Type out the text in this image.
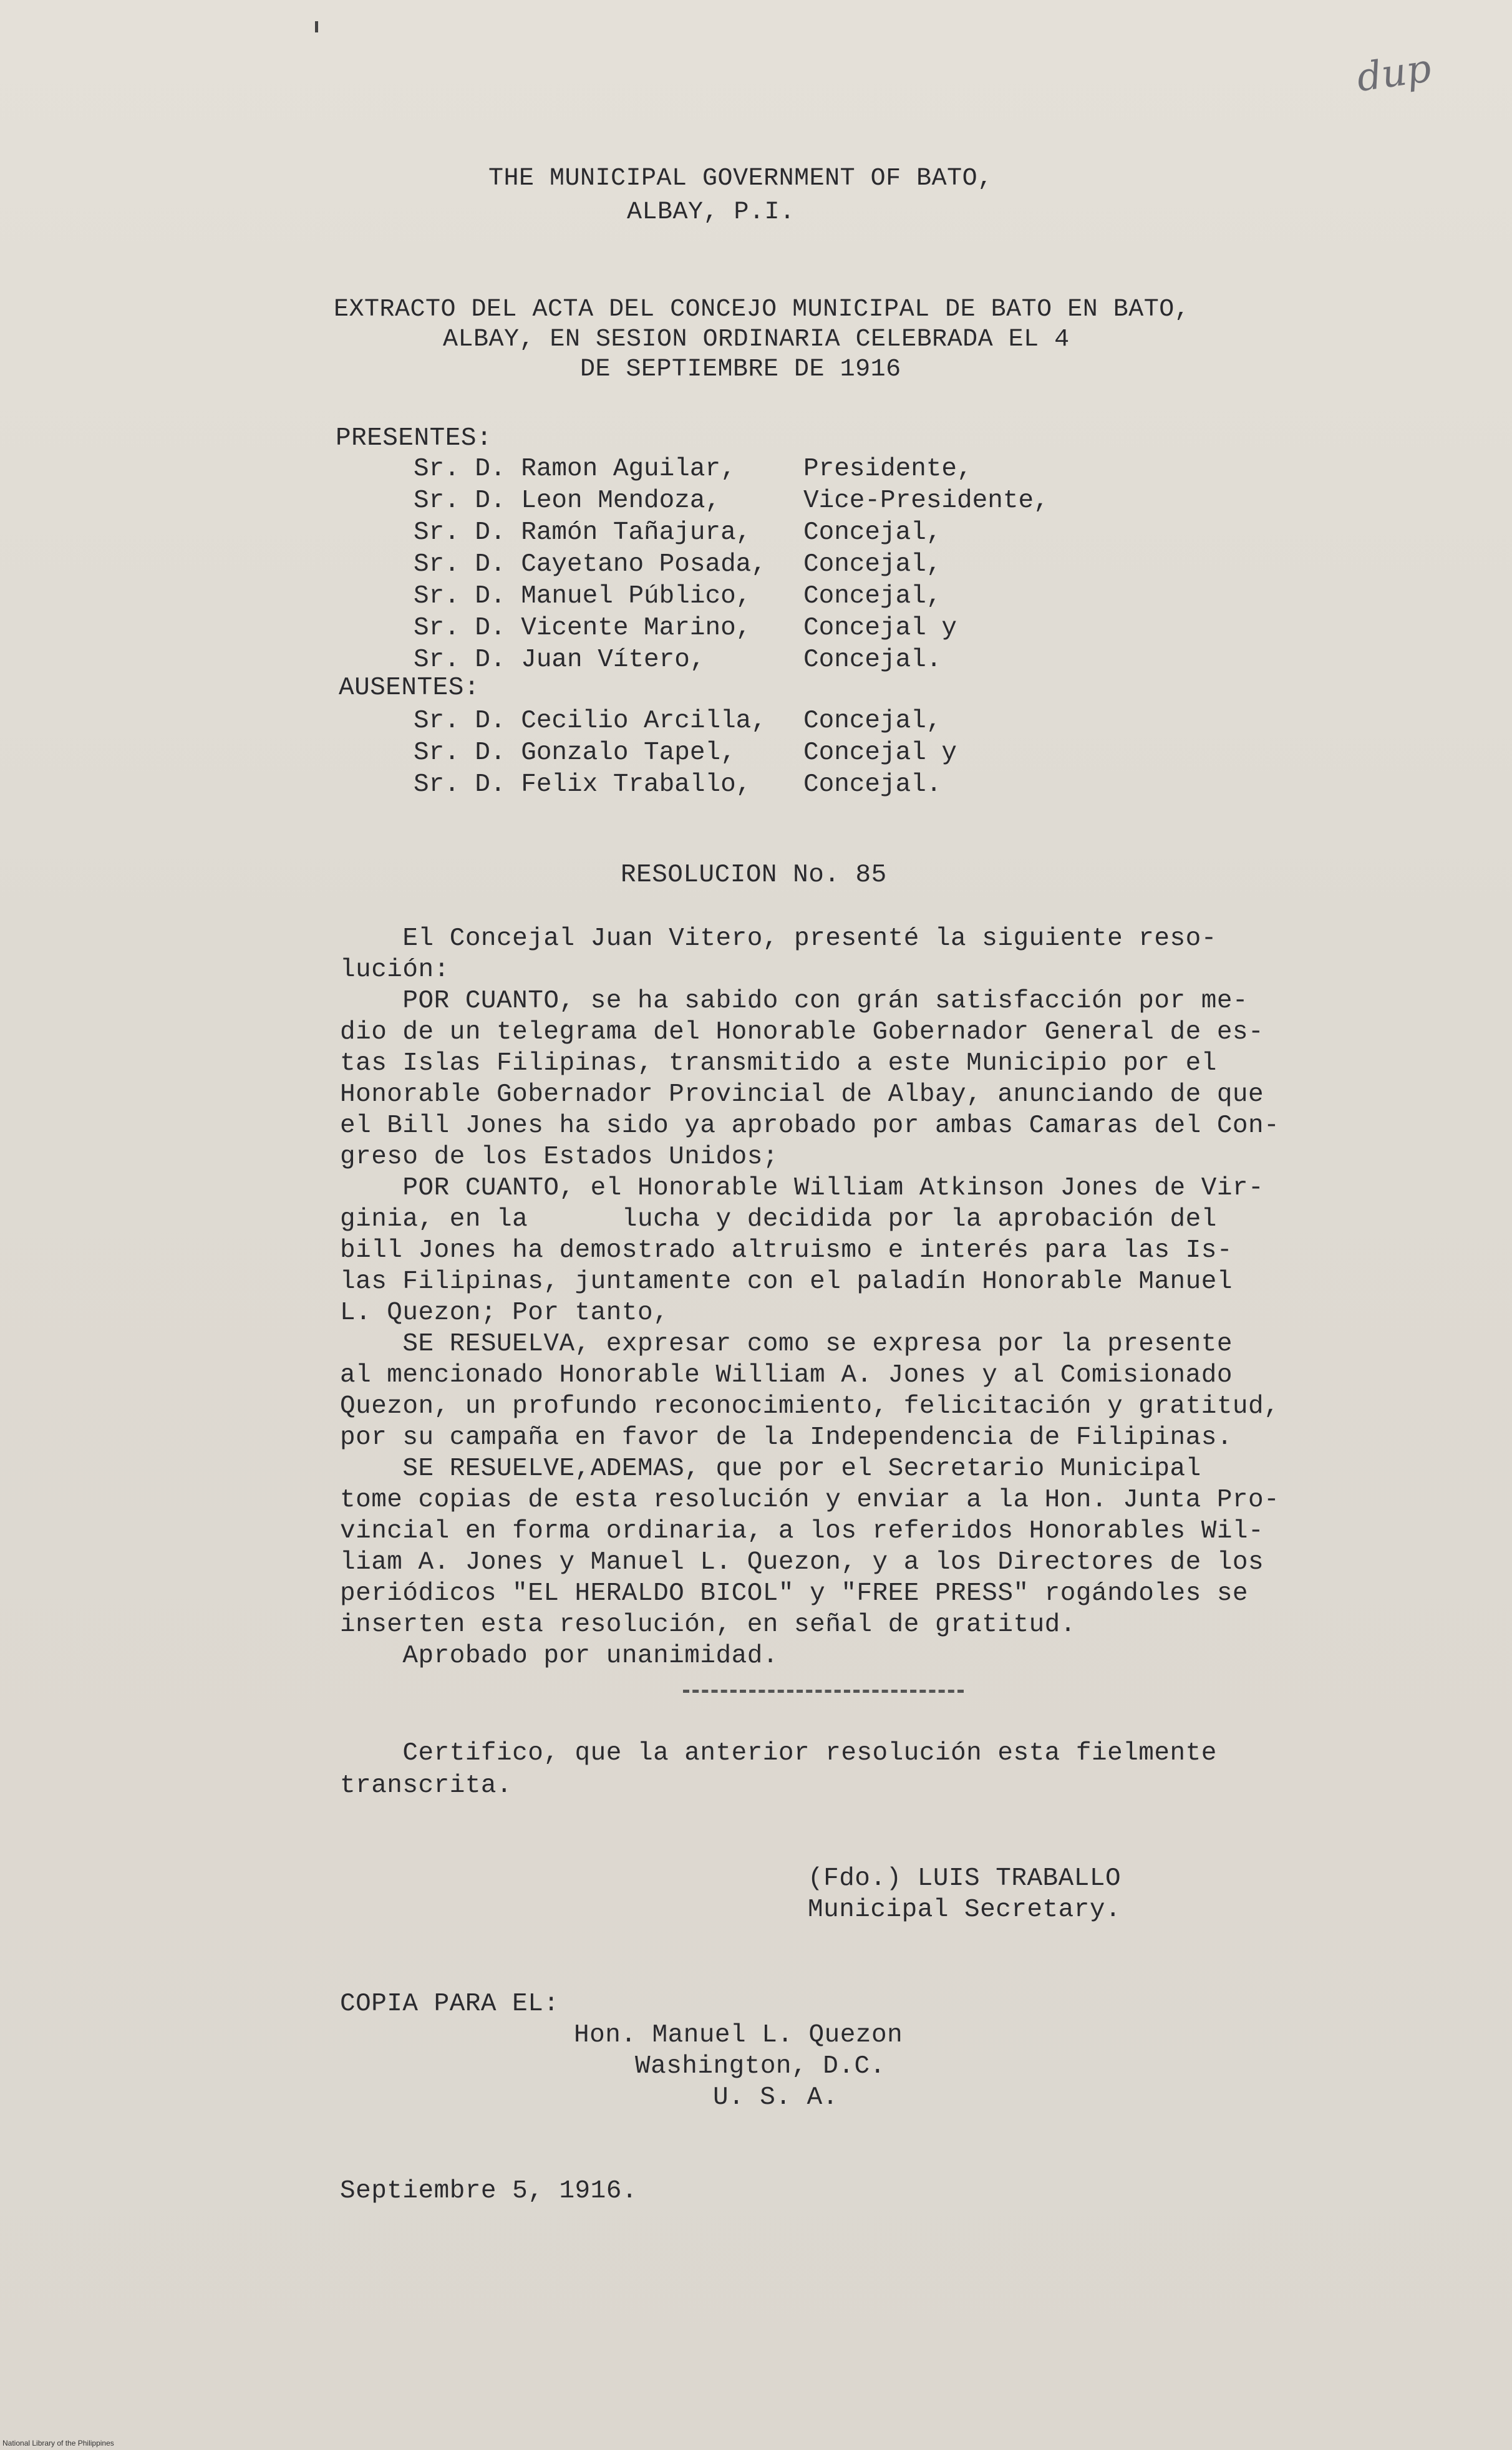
dup
THE MUNICIPAL GOVERNMENT OF BATO,
ALBAY, P.I.
EXTRACTO DEL ACTA DEL CONCEJO MUNICIPAL DE BATO EN BATO,
ALBAY, EN SESION ORDINARIA CELEBRADA EL 4
DE SEPTIEMBRE DE 1916
PRESENTES:
Sr. D. Ramon Aguilar,	Presidente,
Sr. D. Leon Mendoza,	Vice-Presidente,
Sr. D. Ramón Tañajura,	Concejal,
Sr. D. Cayetano Posada,	Concejal,
Sr. D. Manuel Público,	Concejal,
Sr. D. Vicente Marino,	Concejal y
Sr. D. Juan Vítero,	Concejal.
AUSENTES:
Sr. D. Cecilio Arcilla,	Concejal,
Sr. D. Gonzalo Tapel,	Concejal y
Sr. D. Felix Traballo,	Concejal.
RESOLUCION No. 85
El Concejal Juan Vitero, presenté la siguiente reso-
lución:
POR CUANTO, se ha sabido con grán satisfacción por me-
dio de un telegrama del Honorable Gobernador General de es-
tas Islas Filipinas, transmitido a este Municipio por el
Honorable Gobernador Provincial de Albay, anunciando de que
el Bill Jones ha sido ya aprobado por ambas Camaras del Con-
greso de los Estados Unidos;
POR CUANTO, el Honorable William Atkinson Jones de Vir-
ginia, en la      lucha y decidida por la aprobación del
bill Jones ha demostrado altruismo e interés para las Is-
las Filipinas, juntamente con el paladín Honorable Manuel
L. Quezon; Por tanto,
SE RESUELVA, expresar como se expresa por la presente
al mencionado Honorable William A. Jones y al Comisionado
Quezon, un profundo reconocimiento, felicitación y gratitud,
por su campaña en favor de la Independencia de Filipinas.
SE RESUELVE,ADEMAS, que por el Secretario Municipal
tome copias de esta resolución y enviar a la Hon. Junta Pro-
vincial en forma ordinaria, a los referidos Honorables Wil-
liam A. Jones y Manuel L. Quezon, y a los Directores de los
periódicos "EL HERALDO BICOL" y "FREE PRESS" rogándoles se
inserten esta resolución, en señal de gratitud.
Aprobado por unanimidad.
Certifico, que la anterior resolución esta fielmente
transcrita.
(Fdo.) LUIS TRABALLO
Municipal Secretary.
COPIA PARA EL:
Hon. Manuel L. Quezon
Washington, D.C.
U. S. A.
Septiembre 5, 1916.
National Library of the Philippines
